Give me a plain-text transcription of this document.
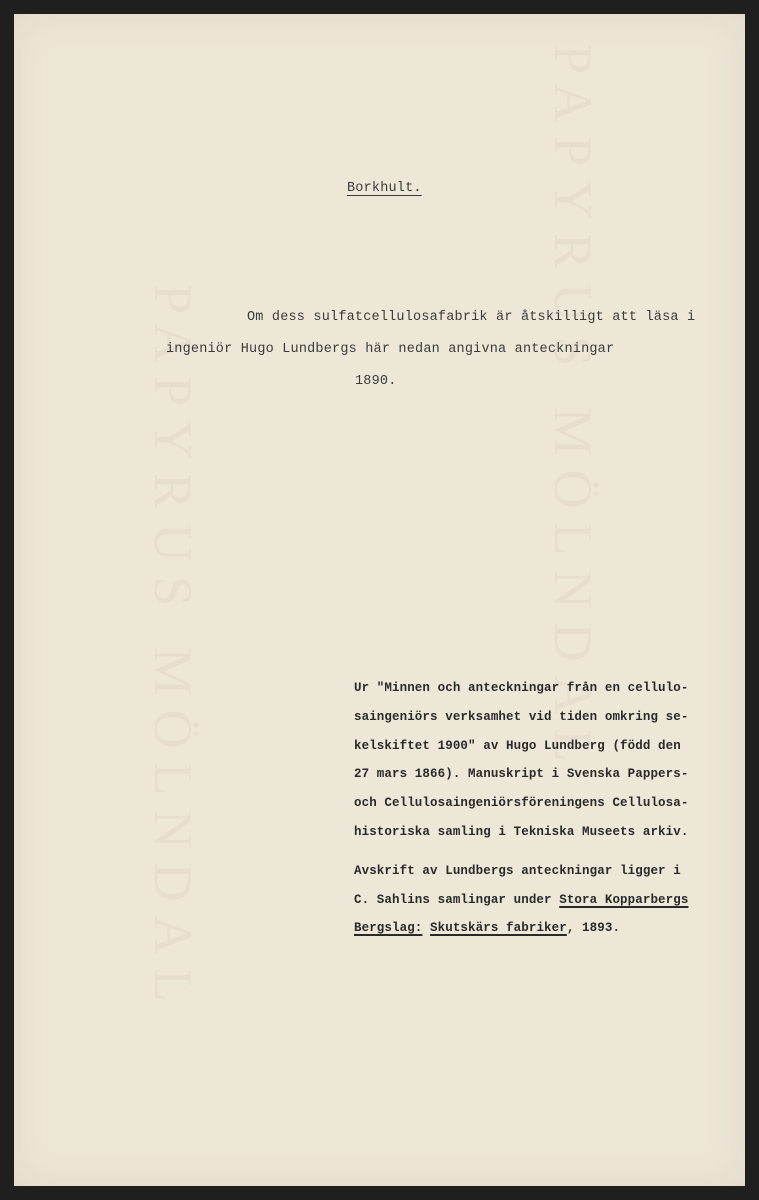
PAPYRUS MÖLNDAL	PAPYRUS MÖLNDAL
Borkhult.
Om dess sulfatcellulosafabrik är åtskilligt att läsa i
ingeniör Hugo Lundbergs här nedan angivna anteckningar
1890.

Ur "Minnen och anteckningar från en cellulo-
saingeniörs verksamhet vid tiden omkring se-
kelskiftet 1900" av Hugo Lundberg (född den
27 mars 1866). Manuskript i Svenska Pappers-
och Cellulosaingeniörsföreningens Cellulosa-
historiska samling i Tekniska Museets arkiv.

Avskrift av Lundbergs anteckningar ligger i
C. Sahlins samlingar under Stora Kopparbergs
Bergslag: Skutskärs fabriker, 1893.
